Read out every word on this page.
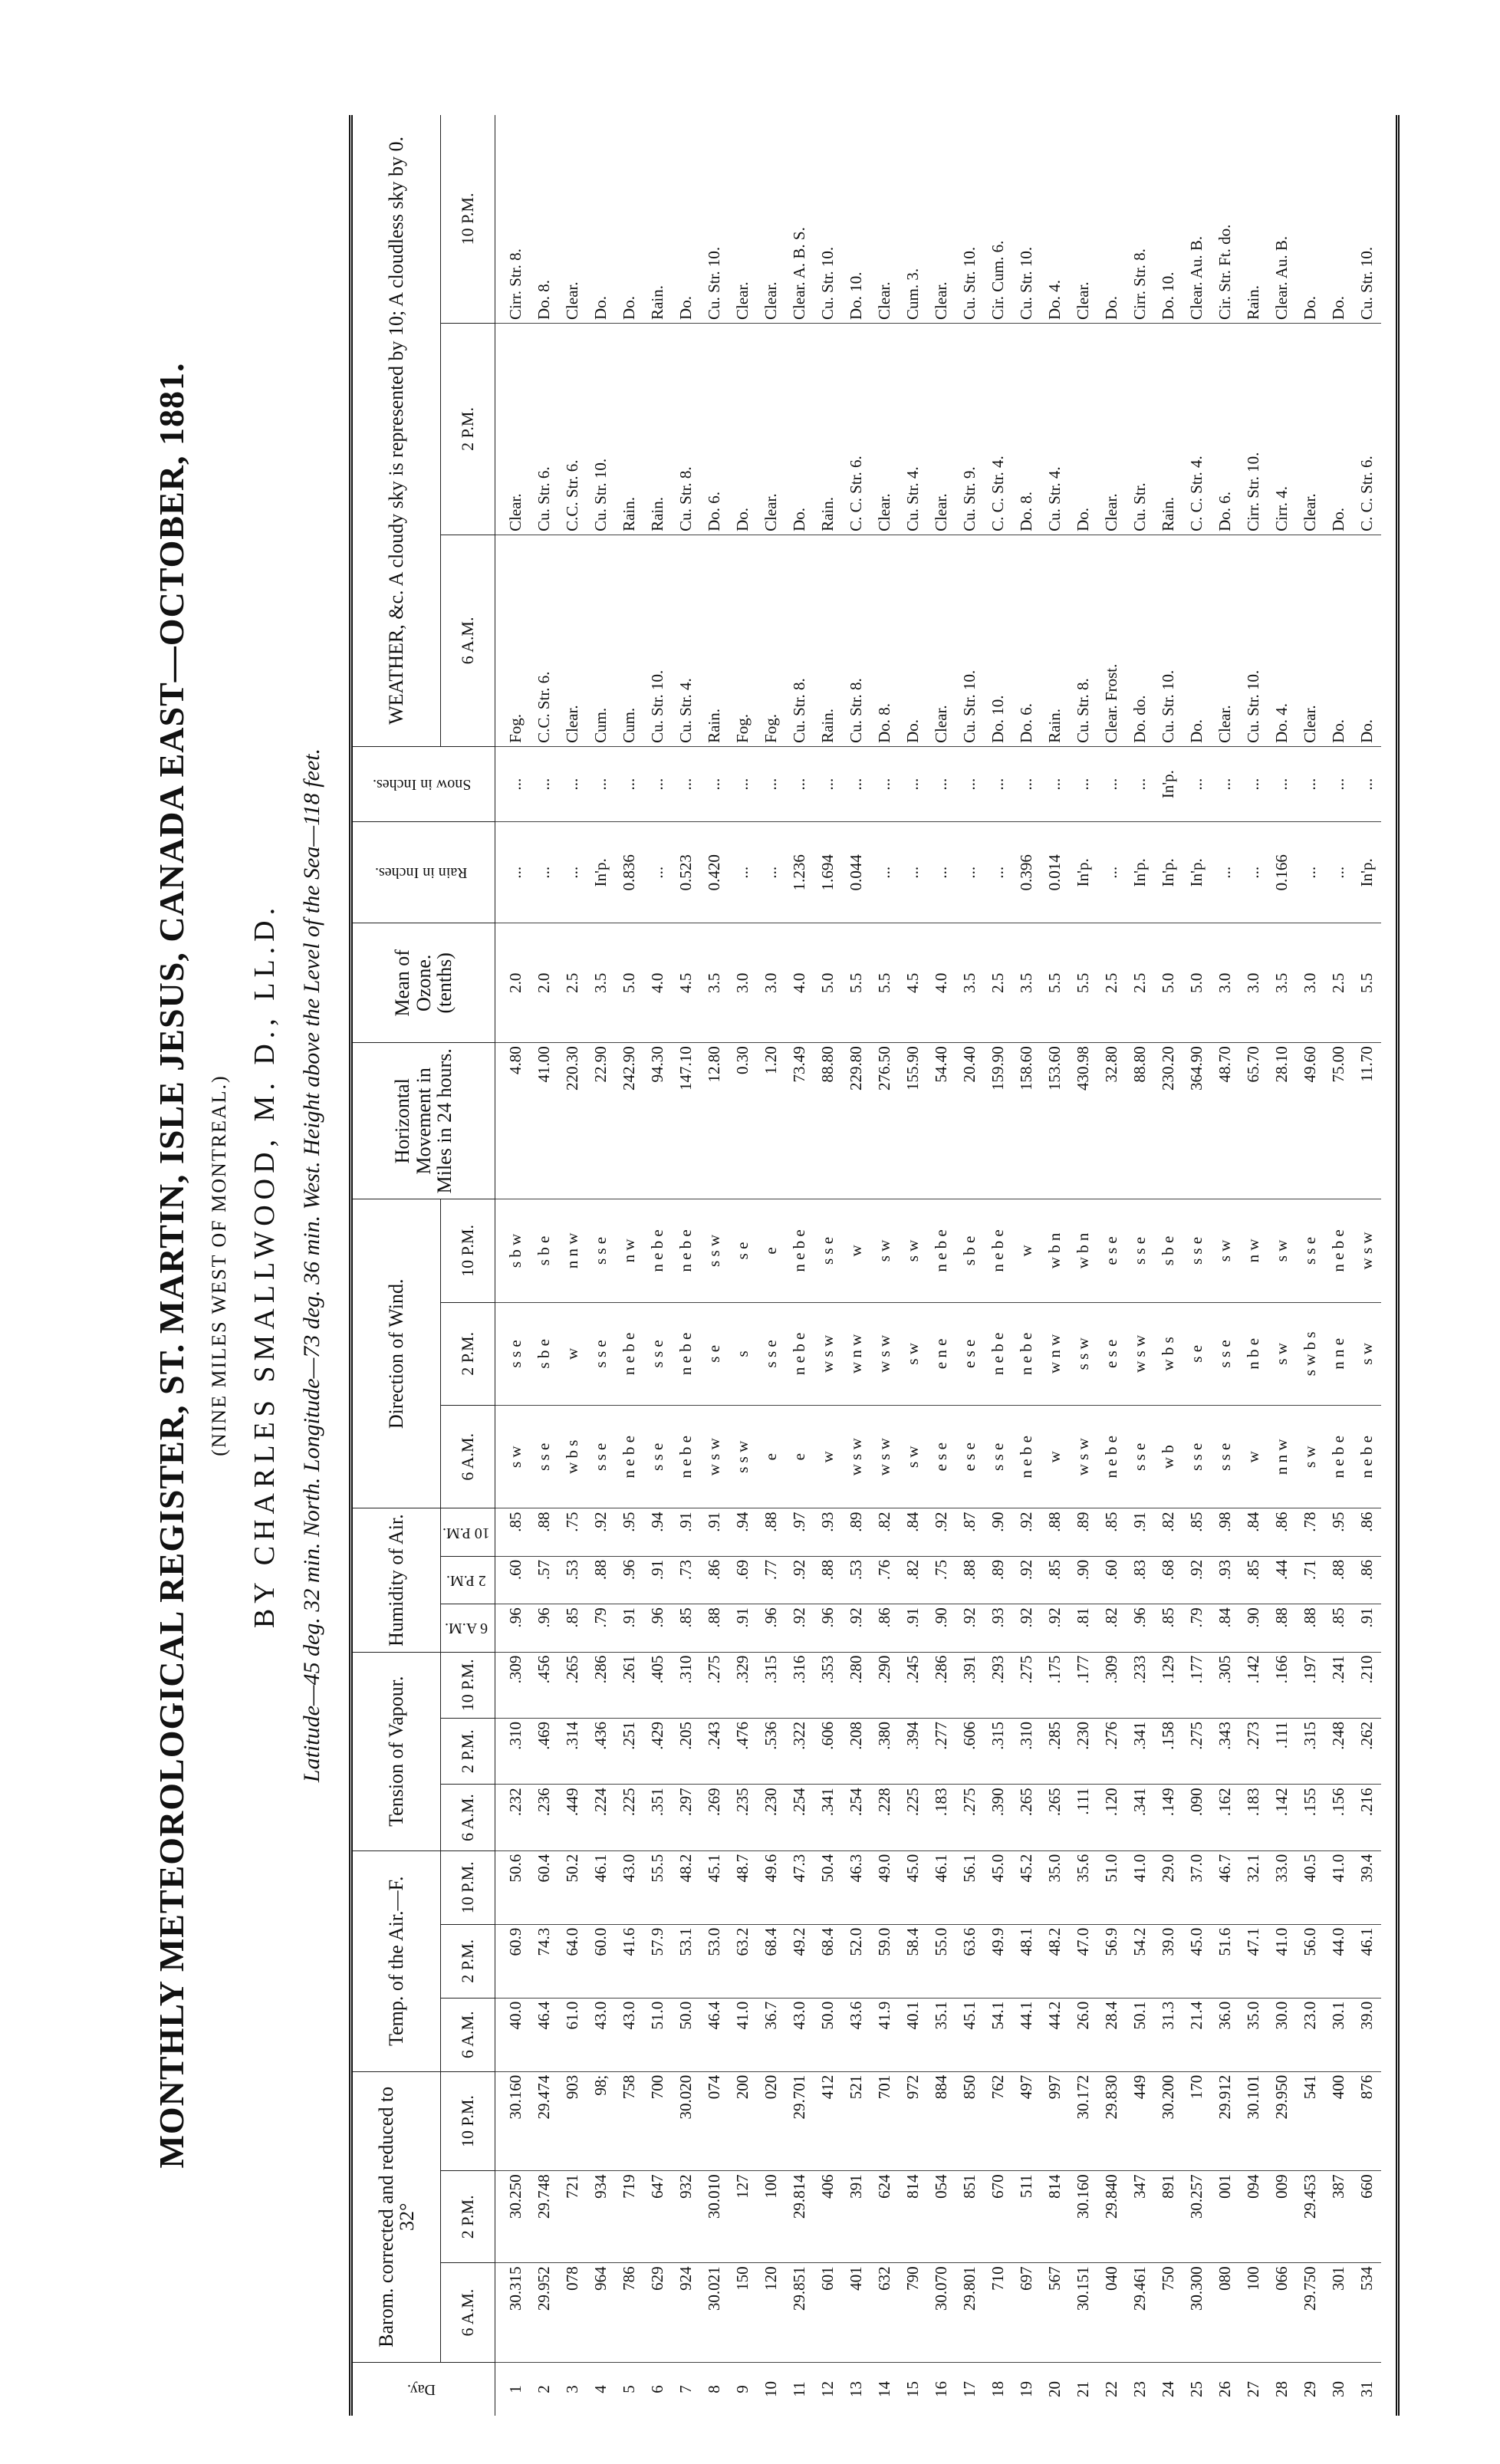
MONTHLY METEOROLOGICAL REGISTER, ST. MARTIN, ISLE JESUS, CANADA EAST—OCTOBER, 1881. (NINE MILES WEST OF MONTREAL.) BY CHARLES SMALLWOOD, M. D., LL.D. Latitude—45 deg. 32 min. North. Longitude—73 deg. 36 min. West. Height above the Level of the Sea—118 feet.
Day.	Barom. corrected and reduced to 32°			Temp. of the Air.—F.			Tension of Vapour.			Humidity of Air.			Direction of Wind.			Horizontal Movement in Miles in 24 hours.	Mean of Ozone. (tenths)	Rain in Inches.	Snow in Inches.	WEATHER, &c. A cloudy sky is represented by 10; A cloudless sky by 0.		
	6 A.M.	2 P.M.	10 P.M.	6 A.M.	2 P.M.	10 P.M.	6 A.M.	2 P.M.	10 P.M.	6 A.M.	2 P.M.	10 P.M.	6 A.M.	2 P.M.	10 P.M.					6 A.M.	2 P.M.	10 P.M.
1	30.315	30.250	30.160	40.0	60.9	50.6	.232	.310	.309	.96	.60	.85	s w	s s e	s b w	4.80	2.0	...	...	Fog.	Clear.	Cirr. Str. 8.
2	29.952	29.748	29.474	46.4	74.3	60.4	.236	.469	.456	.96	.57	.88	s s e	s b e	s b e	41.00	2.0	...	...	C.C. Str. 6.	Cu. Str. 6.	Do. 8.
3	078	721	903	61.0	64.0	50.2	.449	.314	.265	.85	.53	.75	w b s	w	n n w	220.30	2.5	...	...	Clear.	C.C. Str. 6.	Clear.
4	964	934	98;	43.0	60.0	46.1	.224	.436	.286	.79	.88	.92	s s e	s s e	s s e	22.90	3.5	In'p.	...	Cum.	Cu. Str. 10.	Do.
5	786	719	758	43.0	41.6	43.0	.225	.251	.261	.91	.96	.95	n e b e	n e b e	n w	242.90	5.0	0.836	...	Cum.	Rain.	Do.
6	629	647	700	51.0	57.9	55.5	.351	.429	.405	.96	.91	.94	s s e	s s e	n e b e	94.30	4.0	...	...	Cu. Str. 10.	Rain.	Rain.
7	924	932	30.020	50.0	53.1	48.2	.297	.205	.310	.85	.73	.91	n e b e	n e b e	n e b e	147.10	4.5	0.523	...	Cu. Str. 4.	Cu. Str. 8.	Do.
8	30.021	30.010	074	46.4	53.0	45.1	.269	.243	.275	.88	.86	.91	w s w	s e	s s w	12.80	3.5	0.420	...	Rain.	Do. 6.	Cu. Str. 10.
9	150	127	200	41.0	63.2	48.7	.235	.476	.329	.91	.69	.94	s s w	s	s e	0.30	3.0	...	...	Fog.	Do.	Clear.
10	120	100	020	36.7	68.4	49.6	.230	.536	.315	.96	.77	.88	e	s s e	e	1.20	3.0	...	...	Fog.	Clear.	Clear.
11	29.851	29.814	29.701	43.0	49.2	47.3	.254	.322	.316	.92	.92	.97	e	n e b e	n e b e	73.49	4.0	1.236	...	Cu. Str. 8.	Do.	Clear. A. B. S.
12	601	406	412	50.0	68.4	50.4	.341	.606	.353	.96	.88	.93	w	w s w	s s e	88.80	5.0	1.694	...	Rain.	Rain.	Cu. Str. 10.
13	401	391	521	43.6	52.0	46.3	.254	.208	.280	.92	.53	.89	w s w	w n w	w	229.80	5.5	0.044	...	Cu. Str. 8.	C. C. Str. 6.	Do. 10.
14	632	624	701	41.9	59.0	49.0	.228	.380	.290	.86	.76	.82	w s w	w s w	s w	276.50	5.5	...	...	Do. 8.	Clear.	Clear.
15	790	814	972	40.1	58.4	45.0	.225	.394	.245	.91	.82	.84	s w	s w	s w	155.90	4.5	...	...	Do.	Cu. Str. 4.	Cum. 3.
16	30.070	054	884	35.1	55.0	46.1	.183	.277	.286	.90	.75	.92	e s e	e n e	n e b e	54.40	4.0	...	...	Clear.	Clear.	Clear.
17	29.801	851	850	45.1	63.6	56.1	.275	.606	.391	.92	.88	.87	e s e	e s e	s b e	20.40	3.5	...	...	Cu. Str. 10.	Cu. Str. 9.	Cu. Str. 10.
18	710	670	762	54.1	49.9	45.0	.390	.315	.293	.93	.89	.90	s s e	n e b e	n e b e	159.90	2.5	...	...	Do. 10.	C. C. Str. 4.	Cir. Cum. 6.
19	697	511	497	44.1	48.1	45.2	.265	.310	.275	.92	.92	.92	n e b e	n e b e	w	158.60	3.5	0.396	...	Do. 6.	Do. 8.	Cu. Str. 10.
20	567	814	997	44.2	48.2	35.0	.265	.285	.175	.92	.85	.88	w	w n w	w b n	153.60	5.5	0.014	...	Rain.	Cu. Str. 4.	Do. 4.
21	30.151	30.160	30.172	26.0	47.0	35.6	.111	.230	.177	.81	.90	.89	w s w	s s w	w b n	430.98	5.5	In'p.	...	Cu. Str. 8.	Do.	Clear.
22	040	29.840	29.830	28.4	56.9	51.0	.120	.276	.309	.82	.60	.85	n e b e	e s e	e s e	32.80	2.5	...	...	Clear. Frost.	Clear.	Do.
23	29.461	347	449	50.1	54.2	41.0	.341	.341	.233	.96	.83	.91	s s e	w s w	s s e	88.80	2.5	In'p.	...	Do. do.	Cu. Str.	Cirr. Str. 8.
24	750	891	30.200	31.3	39.0	29.0	.149	.158	.129	.85	.68	.82	w b	w b s	s b e	230.20	5.0	In'p.	In'p.	Cu. Str. 10.	Rain.	Do. 10.
25	30.300	30.257	170	21.4	45.0	37.0	.090	.275	.177	.79	.92	.85	s s e	s e	s s e	364.90	5.0	In'p.	...	Do.	C. C. Str. 4.	Clear. Au. B.
26	080	001	29.912	36.0	51.6	46.7	.162	.343	.305	.84	.93	.98	s s e	s s e	s w	48.70	3.0	...	...	Clear.	Do. 6.	Cir. Str. Ft. do.
27	100	094	30.101	35.0	47.1	32.1	.183	.273	.142	.90	.85	.84	w	n b e	n w	65.70	3.0	...	...	Cu. Str. 10.	Cirr. Str. 10.	Rain.
28	066	009	29.950	30.0	41.0	33.0	.142	.111	.166	.88	.44	.86	n n w	s w	s w	28.10	3.5	0.166	...	Do. 4.	Cirr. 4.	Clear. Au. B.
29	29.750	29.453	541	23.0	56.0	40.5	.155	.315	.197	.88	.71	.78	s w	s w b s	s s e	49.60	3.0	...	...	Clear.	Clear.	Do.
30	301	387	400	30.1	44.0	41.0	.156	.248	.241	.85	.88	.95	n e b e	n n e	n e b e	75.00	2.5	...	...	Do.	Do.	Do.
31	534	660	876	39.0	46.1	39.4	.216	.262	.210	.91	.86	.86	n e b e	s w	w s w	11.70	5.5	In'p.	...	Do.	C. C. Str. 6.	Cu. Str. 10.
